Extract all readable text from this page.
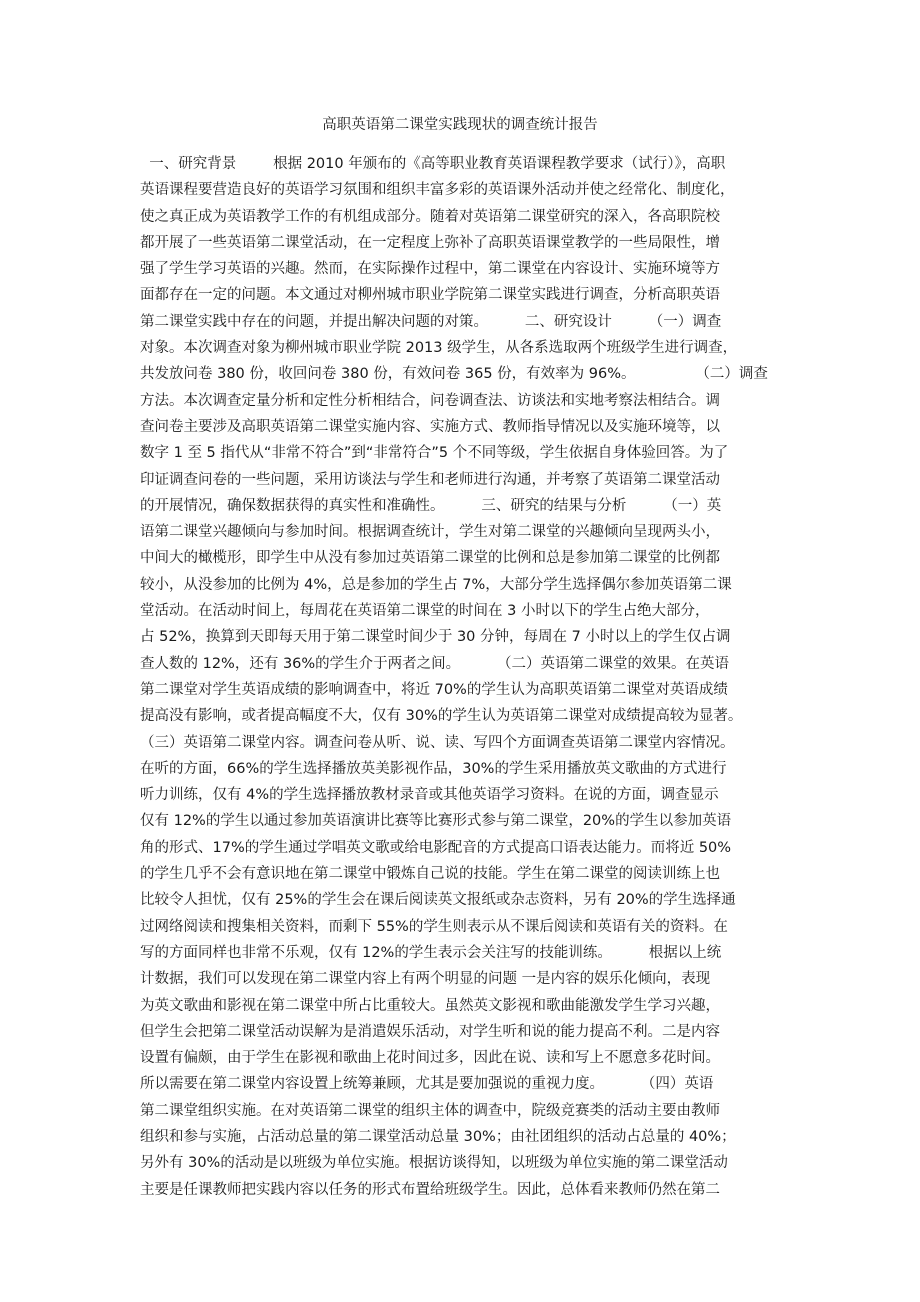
高职英语第二课堂实践现状的调查统计报告
一、研究背景        根据 2010 年颁布的《高等职业教育英语课程教学要求（试行）》，高职
英语课程要营造良好的英语学习氛围和组织丰富多彩的英语课外活动并使之经常化、制度化，
使之真正成为英语教学工作的有机组成部分。随着对英语第二课堂研究的深入，各高职院校
都开展了一些英语第二课堂活动，在一定程度上弥补了高职英语课堂教学的一些局限性，增
强了学生学习英语的兴趣。然而，在实际操作过程中，第二课堂在内容设计、实施环境等方
面都存在一定的问题。本文通过对柳州城市职业学院第二课堂实践进行调查，分析高职英语
第二课堂实践中存在的问题，并提出解决问题的对策。        二、研究设计        （一）调查
对象。本次调查对象为柳州城市职业学院 2013 级学生，从各系选取两个班级学生进行调查，
共发放问卷 380 份，收回问卷 380 份，有效问卷 365 份，有效率为 96%。             （二）调查
方法。本次调查定量分析和定性分析相结合，问卷调查法、访谈法和实地考察法相结合。调
查问卷主要涉及高职英语第二课堂实施内容、实施方式、教师指导情况以及实施环境等，以
数字 1 至 5 指代从“非常不符合”到“非常符合”5 个不同等级，学生依据自身体验回答。为了
印证调查问卷的一些问题，采用访谈法与学生和老师进行沟通，并考察了英语第二课堂活动
的开展情况，确保数据获得的真实性和准确性。        三、研究的结果与分析        （一）英
语第二课堂兴趣倾向与参加时间。根据调查统计，学生对第二课堂的兴趣倾向呈现两头小，
中间大的橄榄形，即学生中从没有参加过英语第二课堂的比例和总是参加第二课堂的比例都
较小，从没参加的比例为 4%，总是参加的学生占 7%，大部分学生选择偶尔参加英语第二课
堂活动。在活动时间上，每周花在英语第二课堂的时间在 3 小时以下的学生占绝大部分，
占 52%，换算到天即每天用于第二课堂时间少于 30 分钟，每周在 7 小时以上的学生仅占调
查人数的 12%，还有 36%的学生介于两者之间。        （二）英语第二课堂的效果。在英语
第二课堂对学生英语成绩的影响调查中，将近 70%的学生认为高职英语第二课堂对英语成绩
提高没有影响，或者提高幅度不大，仅有 30%的学生认为英语第二课堂对成绩提高较为显著。
（三）英语第二课堂内容。调查问卷从听、说、读、写四个方面调查英语第二课堂内容情况。
在听的方面，66%的学生选择播放英美影视作品，30%的学生采用播放英文歌曲的方式进行
听力训练，仅有 4%的学生选择播放教材录音或其他英语学习资料。在说的方面，调查显示
仅有 12%的学生以通过参加英语演讲比赛等比赛形式参与第二课堂，20%的学生以参加英语
角的形式、17%的学生通过学唱英文歌或给电影配音的方式提高口语表达能力。而将近 50%
的学生几乎不会有意识地在第二课堂中锻炼自己说的技能。学生在第二课堂的阅读训练上也
比较令人担忧，仅有 25%的学生会在课后阅读英文报纸或杂志资料，另有 20%的学生选择通
过网络阅读和搜集相关资料，而剩下 55%的学生则表示从不课后阅读和英语有关的资料。在
写的方面同样也非常不乐观，仅有 12%的学生表示会关注写的技能训练。        根据以上统
计数据，我们可以发现在第二课堂内容上有两个明显的问题 一是内容的娱乐化倾向，表现
为英文歌曲和影视在第二课堂中所占比重较大。虽然英文影视和歌曲能激发学生学习兴趣，
但学生会把第二课堂活动误解为是消遣娱乐活动，对学生听和说的能力提高不利。二是内容
设置有偏颇，由于学生在影视和歌曲上花时间过多，因此在说、读和写上不愿意多花时间。
所以需要在第二课堂内容设置上统筹兼顾，尤其是要加强说的重视力度。        （四）英语
第二课堂组织实施。在对英语第二课堂的组织主体的调查中，院级竞赛类的活动主要由教师
组织和参与实施，占活动总量的第二课堂活动总量 30%；由社团组织的活动占总量的 40%；
另外有 30%的活动是以班级为单位实施。根据访谈得知，以班级为单位实施的第二课堂活动
主要是任课教师把实践内容以任务的形式布置给班级学生。因此，总体看来教师仍然在第二
